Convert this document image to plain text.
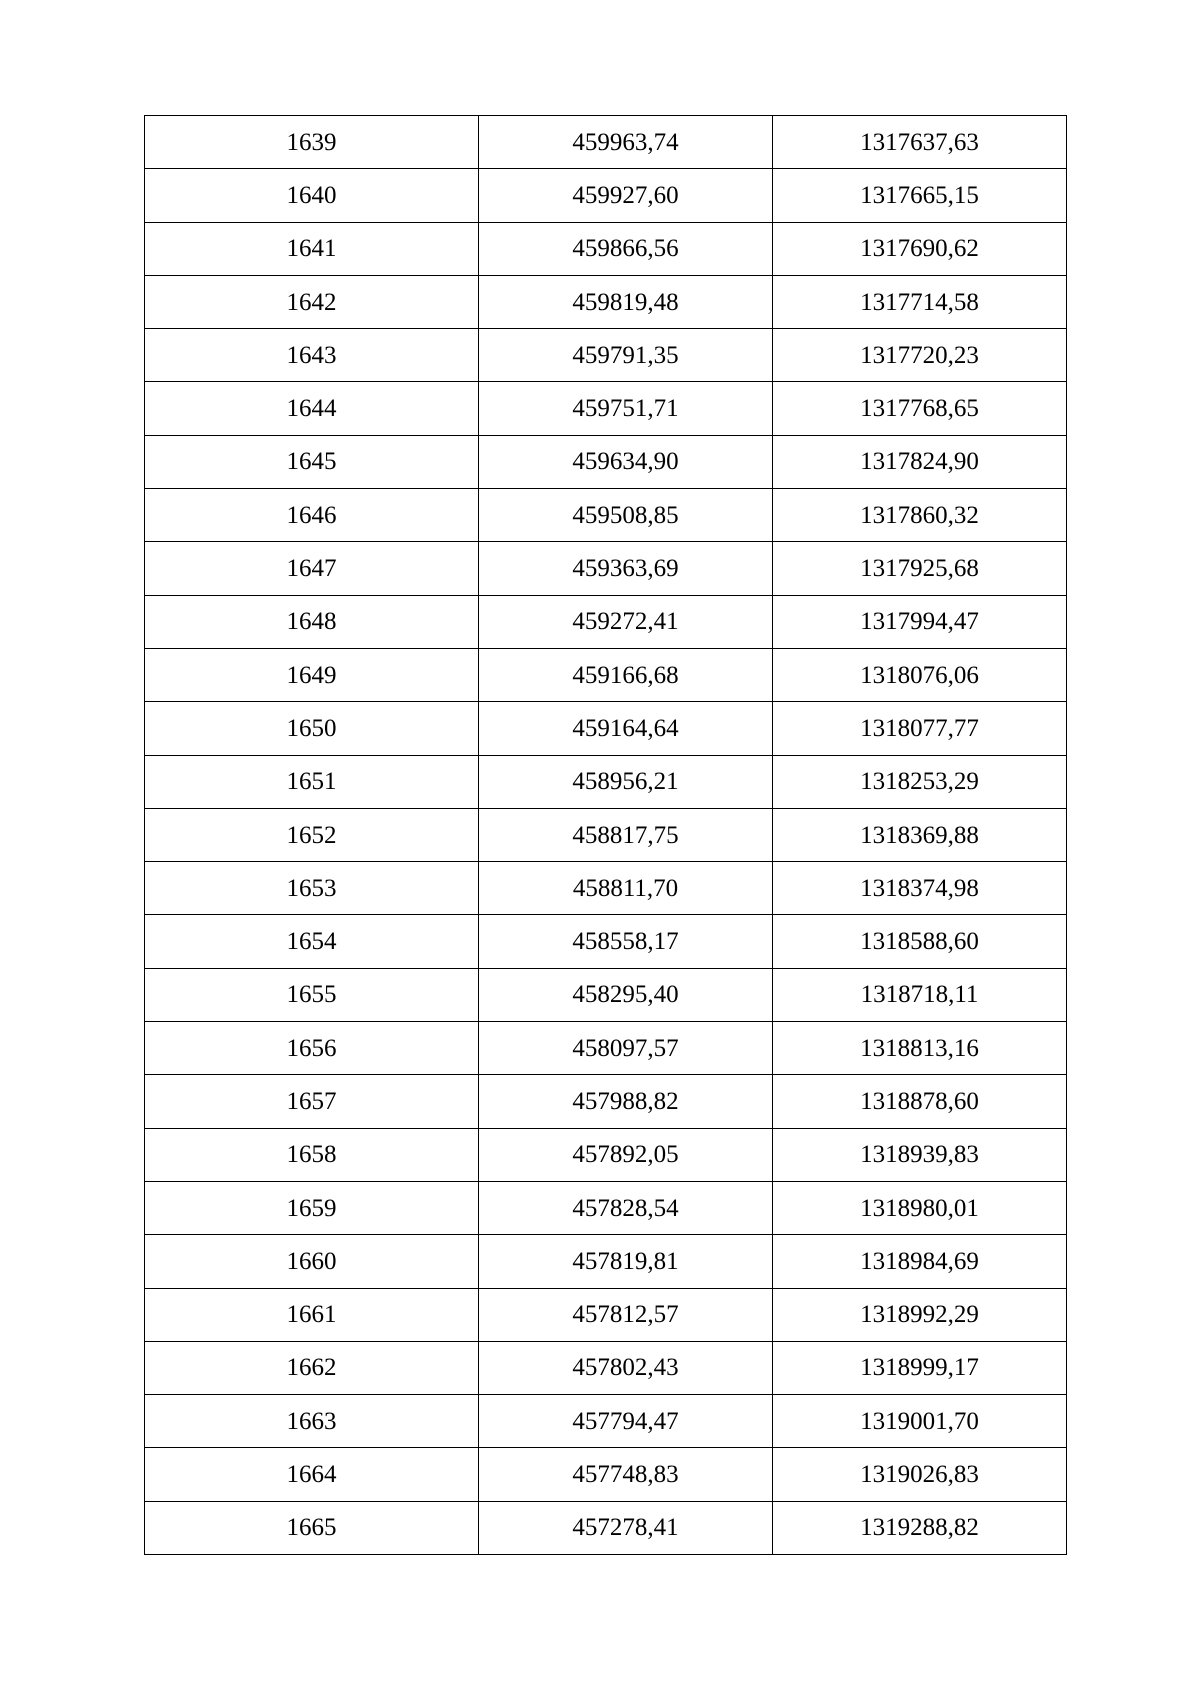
1639	459963,74	1317637,63
1640	459927,60	1317665,15
1641	459866,56	1317690,62
1642	459819,48	1317714,58
1643	459791,35	1317720,23
1644	459751,71	1317768,65
1645	459634,90	1317824,90
1646	459508,85	1317860,32
1647	459363,69	1317925,68
1648	459272,41	1317994,47
1649	459166,68	1318076,06
1650	459164,64	1318077,77
1651	458956,21	1318253,29
1652	458817,75	1318369,88
1653	458811,70	1318374,98
1654	458558,17	1318588,60
1655	458295,40	1318718,11
1656	458097,57	1318813,16
1657	457988,82	1318878,60
1658	457892,05	1318939,83
1659	457828,54	1318980,01
1660	457819,81	1318984,69
1661	457812,57	1318992,29
1662	457802,43	1318999,17
1663	457794,47	1319001,70
1664	457748,83	1319026,83
1665	457278,41	1319288,82
